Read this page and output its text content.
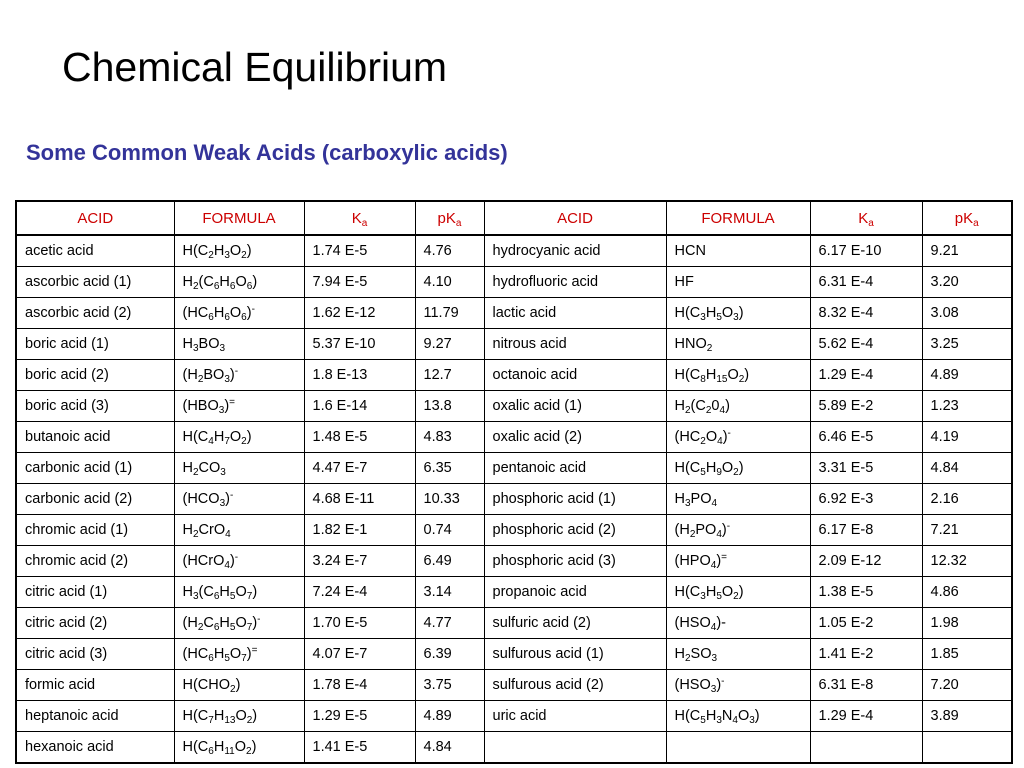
Chemical Equilibrium
Some Common Weak Acids (carboxylic acids)
ACID	FORMULA	$K_a$	$pK_a$	ACID	FORMULA	$K_a$	$pK_a$
acetic acid	$H(C_2H_3O_2)$	1.74 E-5	4.76	hydrocyanic acid	HCN	6.17 E-10	9.21
ascorbic acid (1)	$H_2(C_6H_6O_6)$	7.94 E-5	4.10	hydrofluoric acid	HF	6.31 E-4	3.20
ascorbic acid (2)	$(HC_6H_6O_6)^-$	1.62 E-12	11.79	lactic acid	$H(C_3H_5O_3)$	8.32 E-4	3.08
boric acid (1)	$H_3BO_3$	5.37 E-10	9.27	nitrous acid	$HNO_2$	5.62 E-4	3.25
boric acid (2)	$(H_2BO_3)^-$	1.8 E-13	12.7	octanoic acid	$H(C_8H_{15}O_2)$	1.29 E-4	4.89
boric acid (3)	$(HBO_3)^=$	1.6 E-14	13.8	oxalic acid (1)	$H_2(C_20_4)$	5.89 E-2	1.23
butanoic acid	$H(C_4H_7O_2)$	1.48 E-5	4.83	oxalic acid (2)	$(HC_2O_4)^-$	6.46 E-5	4.19
carbonic acid (1)	$H_2CO_3$	4.47 E-7	6.35	pentanoic acid	$H(C_5H_9O_2)$	3.31 E-5	4.84
carbonic acid (2)	$(HCO_3)^-$	4.68 E-11	10.33	phosphoric acid (1)	$H_3PO_4$	6.92 E-3	2.16
chromic acid (1)	$H_2CrO_4$	1.82 E-1	0.74	phosphoric acid (2)	$(H_2PO_4)^-$	6.17 E-8	7.21
chromic acid (2)	(HCrO$_4$)-	3.24 E-7	6.49	phosphoric acid (3)	$(HPO_4)^=$	2.09 E-12	12.32
citric acid (1)	$H_3(C_6H_5O_7)$	7.24 E-4	3.14	propanoic acid	$H(C_3H_5O_2)$	1.38 E-5	4.86
citric acid (2)	$(H_2C_6H_5O_7)^-$	1.70 E-5	4.77	sulfuric acid (2)	$(HSO_4)-$	1.05 E-2	1.98
citric acid (3)	$(HC_6H_5O_7)^=$	4.07 E-7	6.39	sulfurous acid (1)	$H_2SO_3$	1.41 E-2	1.85
formic acid	$H(CHO_2)$	1.78 E-4	3.75	sulfurous acid (2)	$(HSO_3)^-$	6.31 E-8	7.20
heptanoic acid	$H(C_7H_{13}O_2)$	1.29 E-5	4.89	uric acid	$H(C_5H_3N_4O_3)$	1.29 E-4	3.89
hexanoic acid	$H(C_6H_{11}O_2)$	1.41 E-5	4.84				
